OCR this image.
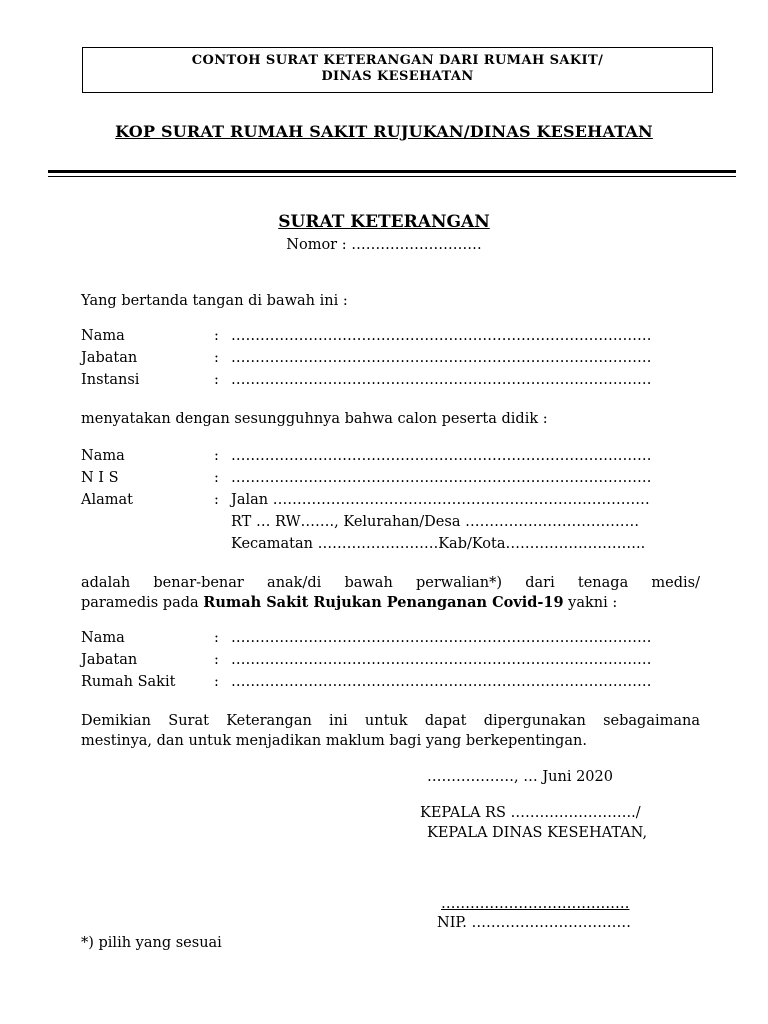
CONTOH SURAT KETERANGAN DARI RUMAH SAKIT/
DINAS KESEHATAN
KOP SURAT RUMAH SAKIT RUJUKAN/DINAS KESEHATAN
SURAT KETERANGAN
Nomor : ………………………
Yang bertanda tangan di bawah ini :
Nama	: ……………………………………………………………………………
Jabatan	: ……………………………………………………………………………
Instansi	: ……………………………………………………………………………
menyatakan dengan sesungguhnya bahwa calon peserta didik :
Nama	: ……………………………………………………………………………
N I S	: ……………………………………………………………………………
Alamat	: Jalan ……………………………………………………………………
RT … RW……., Kelurahan/Desa ………………………………
Kecamatan …………………….Kab/Kota………………………..
adalah benar-benar anak/di bawah perwalian*) dari tenaga medis/
paramedis pada Rumah Sakit Rujukan Penanganan Covid-19 yakni :
Nama	: ……………………………………………………………………………
Jabatan	: ……………………………………………………………………………
Rumah Sakit	: ……………………………………………………………………………
Demikian Surat Keterangan ini untuk dapat dipergunakan sebagaimana
mestinya, dan untuk menjadikan maklum bagi yang berkepentingan.
………………, … Juni 2020
KEPALA RS ……………………../
KEPALA DINAS KESEHATAN,
…………………………………
NIP. ……………………………
*) pilih yang sesuai
